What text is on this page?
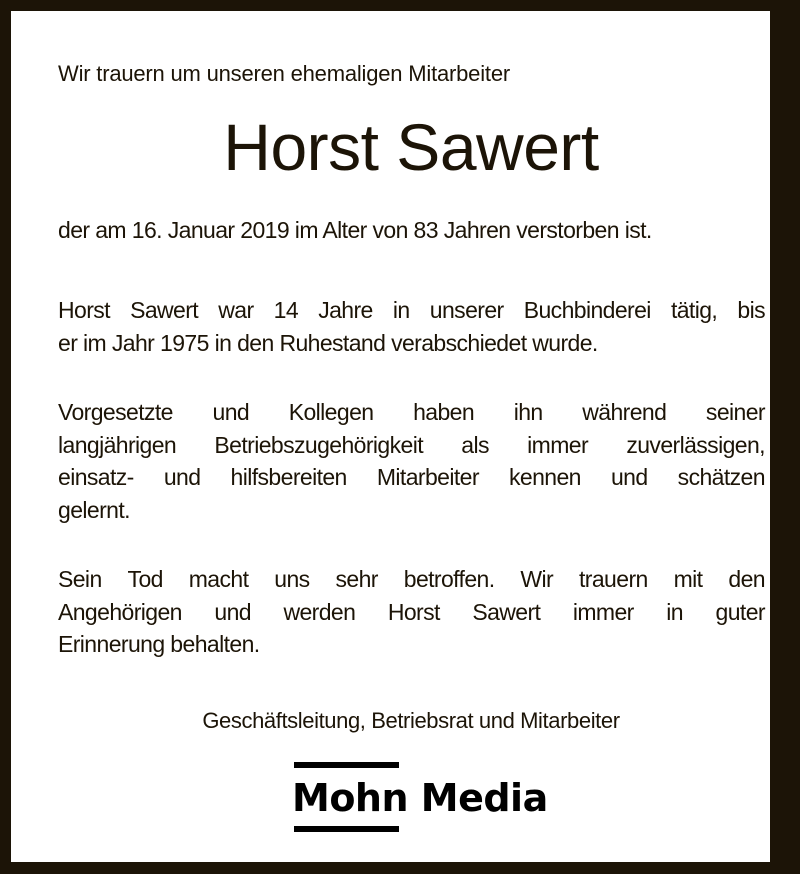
Wir trauern um unseren ehemaligen Mitarbeiter
Horst Sawert
der am 16. Januar 2019 im Alter von 83 Jahren verstorben ist.
Horst Sawert war 14 Jahre in unserer Buchbinderei tätig, bis
er im Jahr 1975 in den Ruhestand verabschiedet wurde.
Vorgesetzte und Kollegen haben ihn während seiner
langjährigen Betriebszugehörigkeit als immer zuverlässigen,
einsatz- und hilfsbereiten Mitarbeiter kennen und schätzen
gelernt.
Sein Tod macht uns sehr betroffen. Wir trauern mit den
Angehörigen und werden Horst Sawert immer in guter
Erinnerung behalten.
Geschäftsleitung, Betriebsrat und Mitarbeiter
Mohn Media
